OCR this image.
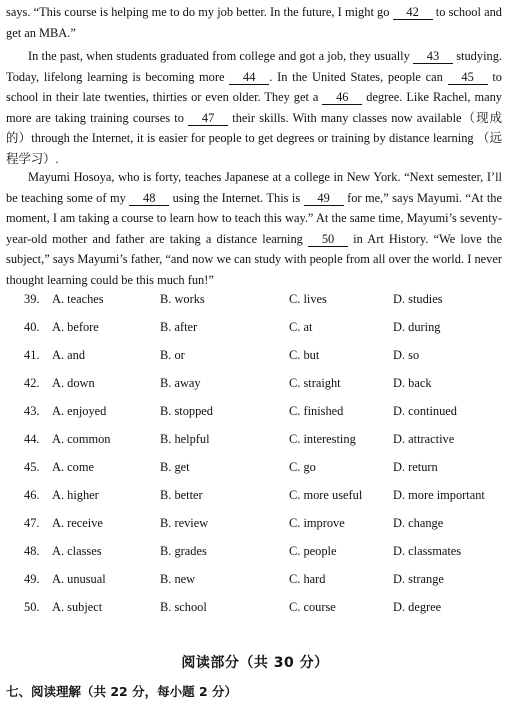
says. “This course is helping me to do my job better. In the future, I might go 42 to school and get an MBA.”

In the past, when students graduated from college and got a job, they usually 43 studying. Today, lifelong learning is becoming more 44 . In the United States, people can 45 to school in their late twenties, thirties or even older. They get a 46 degree. Like Rachel, many more are taking training courses to 47 their skills. With many classes now available（现成的）through the Internet, it is easier for people to get degrees or training by distance learning （远程学习）.

Mayumi Hosoya, who is forty, teaches Japanese at a college in New York. “Next semester, I’ll be teaching some of my 48 using the Internet. This is 49 for me,” says Mayumi. “At the moment, I am taking a course to learn how to teach this way.” At the same time, Mayumi’s seventy-year-old mother and father are taking a distance learning 50 in Art History. “We love the subject,” says Mayumi’s father, “and now we can study with people from all over the world. I never thought learning could be this much fun!”

39. A. teaches	B. works	C. lives	D. studies
40. A. before	B. after	C. at	D. during
41. A. and	B. or	C. but	D. so
42. A. down	B. away	C. straight	D. back
43. A. enjoyed	B. stopped	C. finished	D. continued
44. A. common	B. helpful	C. interesting	D. attractive
45. A. come	B. get	C. go	D. return
46. A. higher	B. better	C. more useful D. more important
47. A. receive	B. review	C. improve	D. change
48. A. classes	B. grades	C. people	D. classmates
49. A. unusual	B. new	C. hard	D. strange
50. A. subject	B. school	C. course	D. degree
阅读部分（共 30 分）
七、阅读理解（共 22 分，每小题 2 分）
